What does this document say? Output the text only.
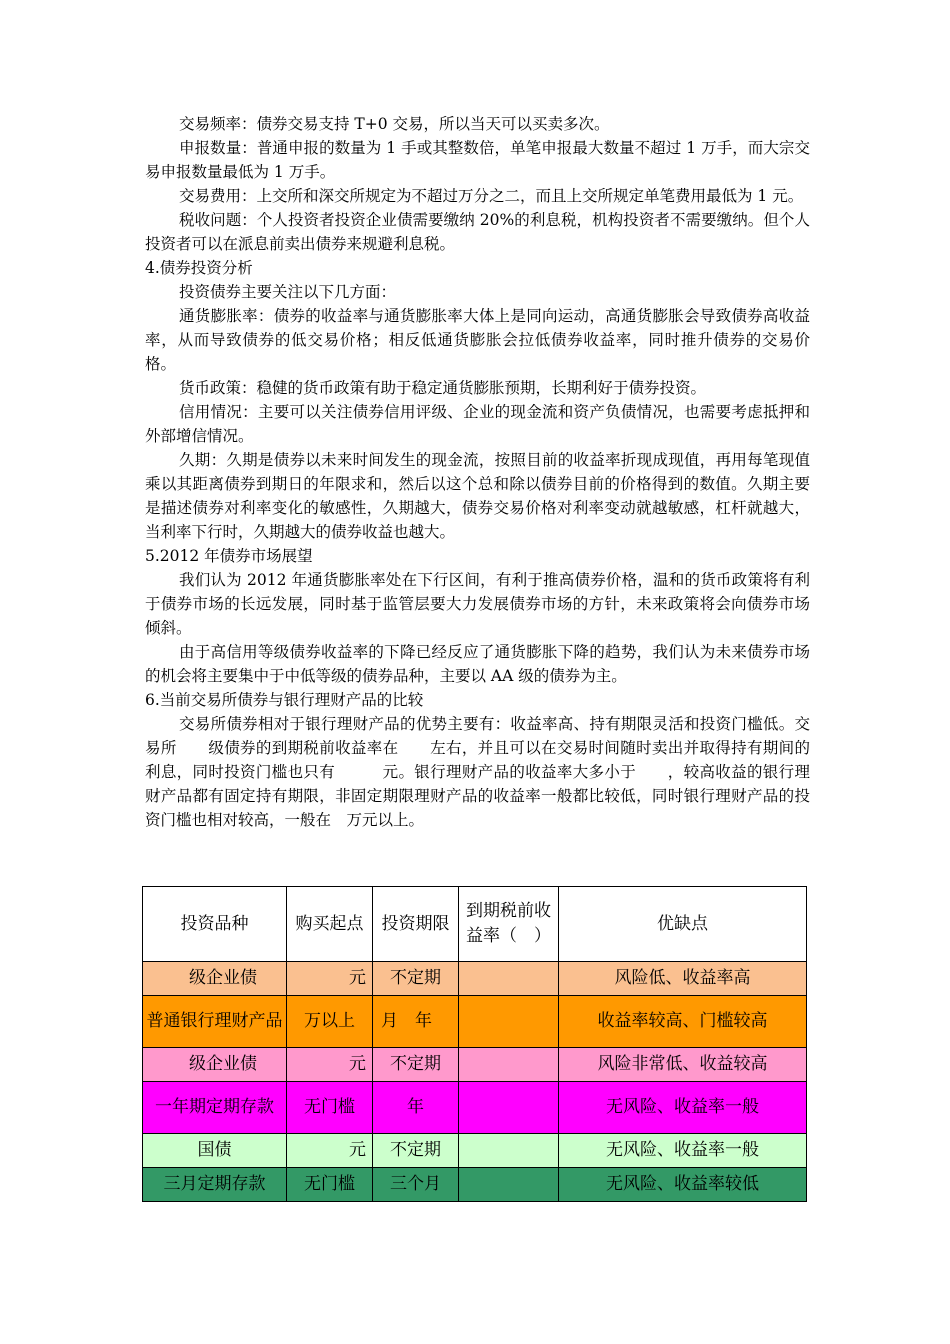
交易频率：债券交易支持 T+0 交易，所以当天可以买卖多次。

申报数量：普通申报的数量为 1 手或其整数倍，单笔申报最大数量不超过 1 万手，而大宗交易申报数量最低为 1 万手。

交易费用：上交所和深交所规定为不超过万分之二，而且上交所规定单笔费用最低为 1 元。

税收问题：个人投资者投资企业债需要缴纳 20%的利息税，机构投资者不需要缴纳。但个人投资者可以在派息前卖出债券来规避利息税。

4.债券投资分析

投资债券主要关注以下几方面：

通货膨胀率：债券的收益率与通货膨胀率大体上是同向运动，高通货膨胀会导致债券高收益率，从而导致债券的低交易价格；相反低通货膨胀会拉低债券收益率，同时推升债券的交易价格。

货币政策：稳健的货币政策有助于稳定通货膨胀预期，长期利好于债券投资。

信用情况：主要可以关注债券信用评级、企业的现金流和资产负债情况，也需要考虑抵押和外部增信情况。

久期：久期是债券以未来时间发生的现金流，按照目前的收益率折现成现值，再用每笔现值乘以其距离债券到期日的年限求和，然后以这个总和除以债券目前的价格得到的数值。久期主要是描述债券对利率变化的敏感性，久期越大，债券交易价格对利率变动就越敏感，杠杆就越大，当利率下行时，久期越大的债券收益也越大。

5.2012 年债券市场展望

我们认为 2012 年通货膨胀率处在下行区间，有利于推高债券价格，温和的货币政策将有利于债券市场的长远发展，同时基于监管层要大力发展债券市场的方针，未来政策将会向债券市场倾斜。

由于高信用等级债券收益率的下降已经反应了通货膨胀下降的趋势，我们认为未来债券市场的机会将主要集中于中低等级的债券品种，主要以 AA 级的债券为主。

6.当前交易所债券与银行理财产品的比较

交易所债券相对于银行理财产品的优势主要有：收益率高、持有期限灵活和投资门槛低。交易所　　级债券的到期税前收益率在　　左右，并且可以在交易时间随时卖出并取得持有期间的利息，同时投资门槛也只有　　　元。银行理财产品的收益率大多小于　　，较高收益的银行理财产品都有固定持有期限，非固定期限理财产品的收益率一般都比较低，同时银行理财产品的投资门槛也相对较高，一般在　万元以上。

投资品种	购买起点	投资期限	到期税前收益率（　）	优缺点
　级企业债	元	不定期		风险低、收益率高
普通银行理财产品	万以上	月　年		收益率较高、门槛较高
　级企业债	元	不定期		风险非常低、收益较高
一年期定期存款	无门槛	年		无风险、收益率一般
国债	元	不定期		无风险、收益率一般
三月定期存款	无门槛	三个月		无风险、收益率较低
